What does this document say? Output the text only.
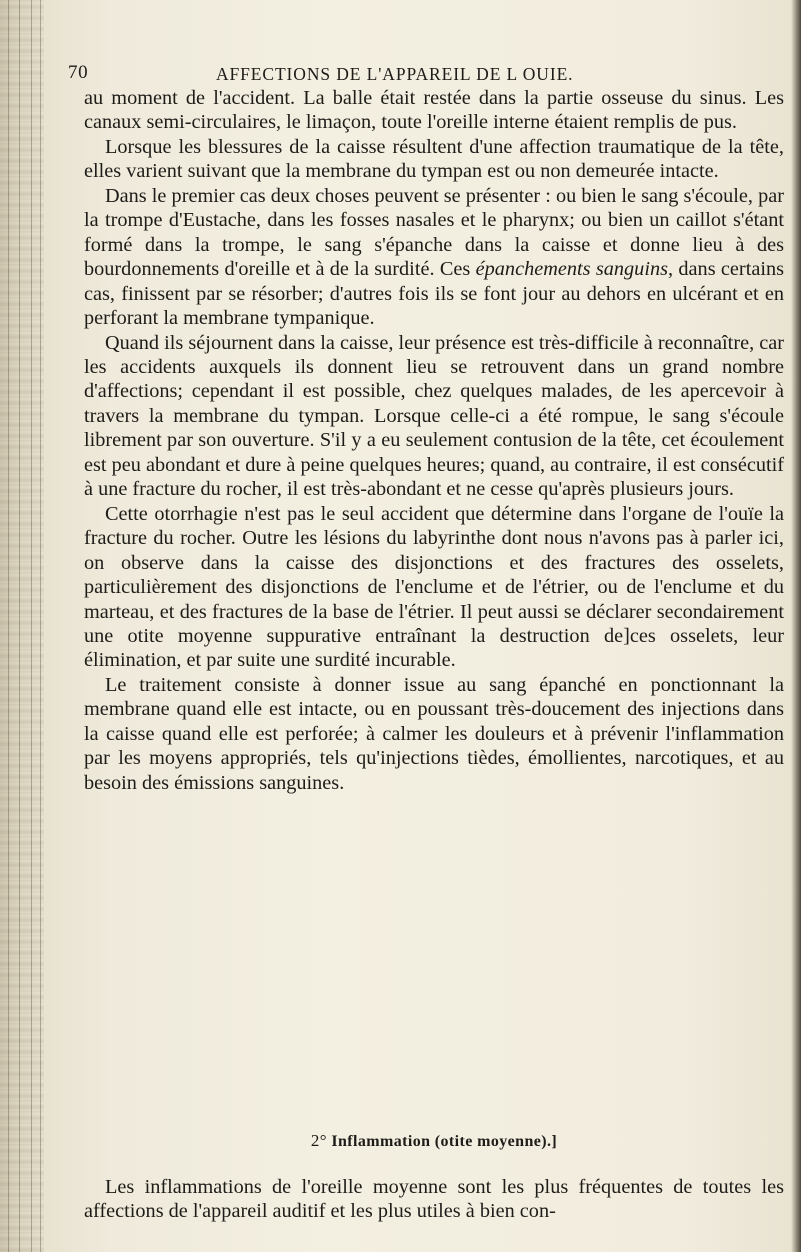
70	AFFECTIONS DE L'APPAREIL DE L OUIE.

au moment de l'accident. La balle était restée dans la partie osseuse du sinus. Les canaux semi-circulaires, le limaçon, toute l'oreille interne étaient remplis de pus.

Lorsque les blessures de la caisse résultent d'une affection traumatique de la tête, elles varient suivant que la membrane du tympan est ou non demeurée intacte.

Dans le premier cas deux choses peuvent se présenter : ou bien le sang s'écoule, par la trompe d'Eustache, dans les fosses nasales et le pharynx; ou bien un caillot s'étant formé dans la trompe, le sang s'épanche dans la caisse et donne lieu à des bourdonnements d'oreille et à de la surdité. Ces épanchements sanguins, dans certains cas, finissent par se résorber; d'autres fois ils se font jour au dehors en ulcérant et en perforant la membrane tympanique.

Quand ils séjournent dans la caisse, leur présence est très-difficile à reconnaître, car les accidents auxquels ils donnent lieu se retrouvent dans un grand nombre d'affections; cependant il est possible, chez quelques malades, de les apercevoir à travers la membrane du tympan. Lorsque celle-ci a été rompue, le sang s'écoule librement par son ouverture. S'il y a eu seulement contusion de la tête, cet écoulement est peu abondant et dure à peine quelques heures; quand, au contraire, il est consécutif à une fracture du rocher, il est très-abondant et ne cesse qu'après plusieurs jours.

Cette otorrhagie n'est pas le seul accident que détermine dans l'organe de l'ouïe la fracture du rocher. Outre les lésions du labyrinthe dont nous n'avons pas à parler ici, on observe dans la caisse des disjonctions et des fractures des osselets, particulièrement des disjonctions de l'enclume et de l'étrier, ou de l'enclume et du marteau, et des fractures de la base de l'étrier. Il peut aussi se déclarer secondairement une otite moyenne suppurative entraînant la destruction de]ces osselets, leur élimination, et par suite une surdité incurable.

Le traitement consiste à donner issue au sang épanché en ponctionnant la membrane quand elle est intacte, ou en poussant très-doucement des injections dans la caisse quand elle est perforée; à calmer les douleurs et à prévenir l'inflammation par les moyens appropriés, tels qu'injections tièdes, émollientes, narcotiques, et au besoin des émissions sanguines.

2° Inflammation (otite moyenne).]

Les inflammations de l'oreille moyenne sont les plus fréquentes de toutes les affections de l'appareil auditif et les plus utiles à bien con-
